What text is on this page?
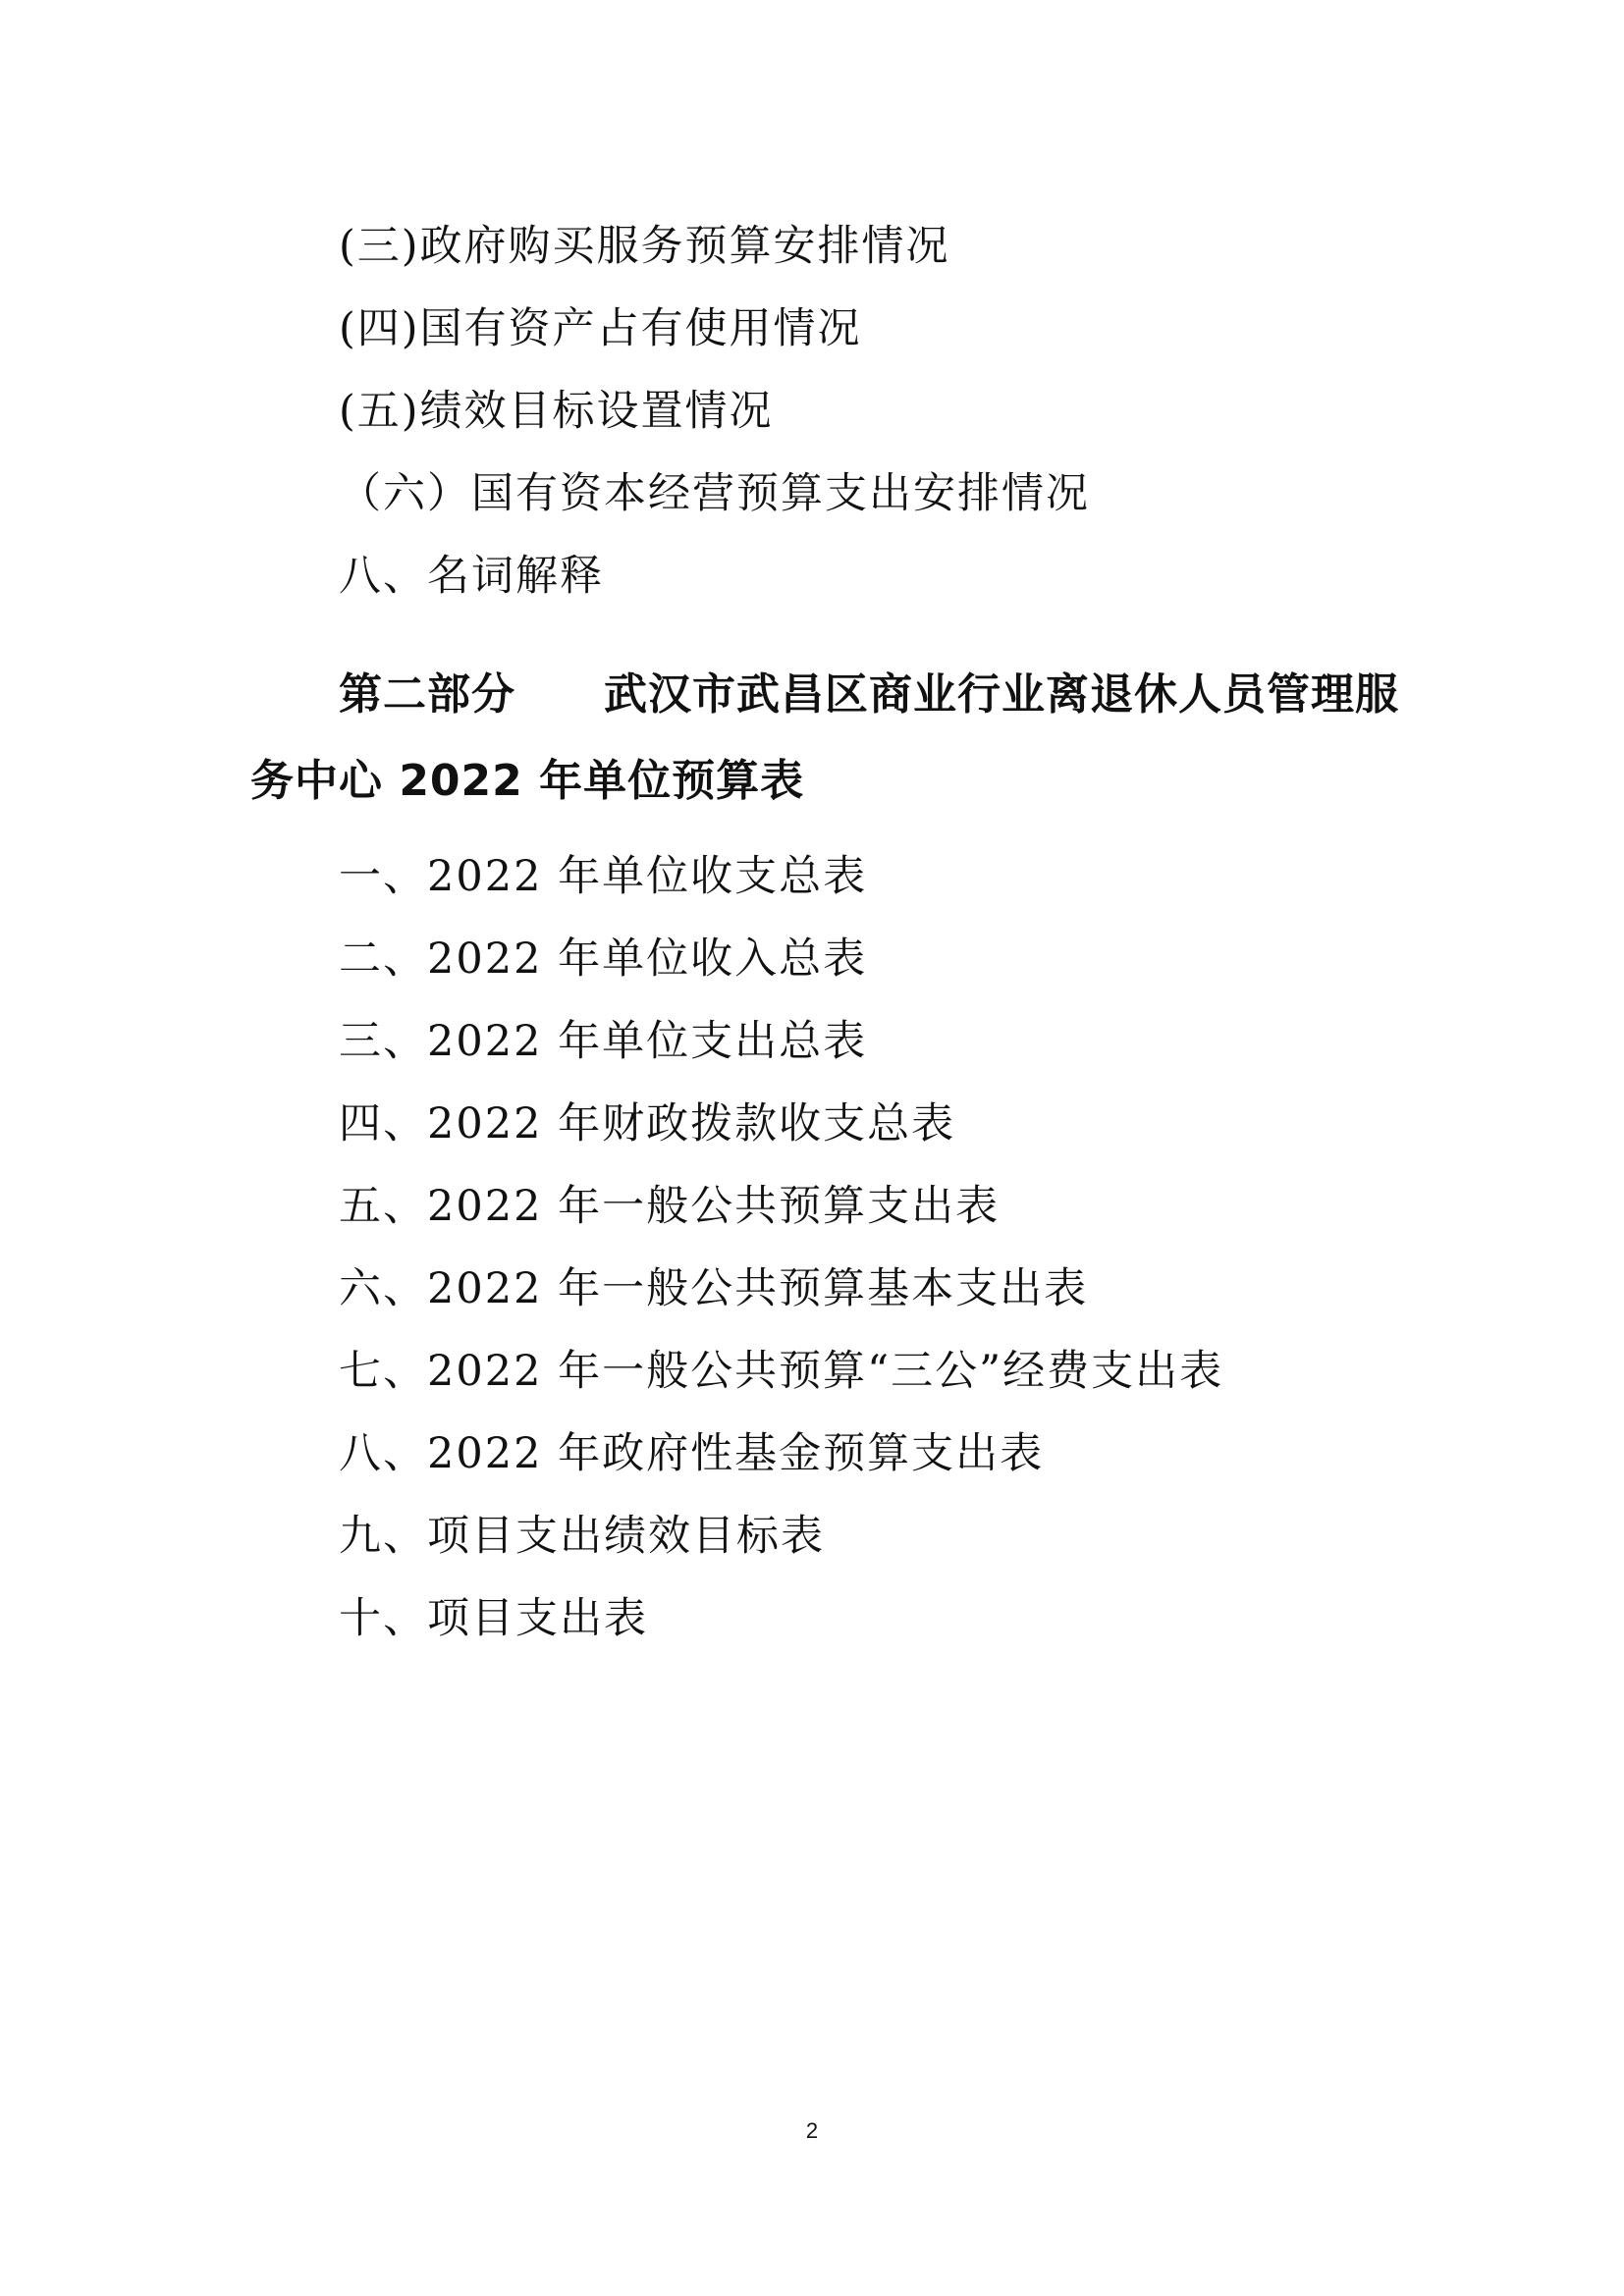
(三)政府购买服务预算安排情况
(四)国有资产占有使用情况
(五)绩效目标设置情况
（六）国有资本经营预算支出安排情况
八、名词解释
第二部分　　武汉市武昌区商业行业离退休人员管理服
务中心 2022 年单位预算表
一、2022 年单位收支总表
二、2022 年单位收入总表
三、2022 年单位支出总表
四、2022 年财政拨款收支总表
五、2022 年一般公共预算支出表
六、2022 年一般公共预算基本支出表
七、2022 年一般公共预算“三公”经费支出表
八、2022 年政府性基金预算支出表
九、项目支出绩效目标表
十、项目支出表
2
